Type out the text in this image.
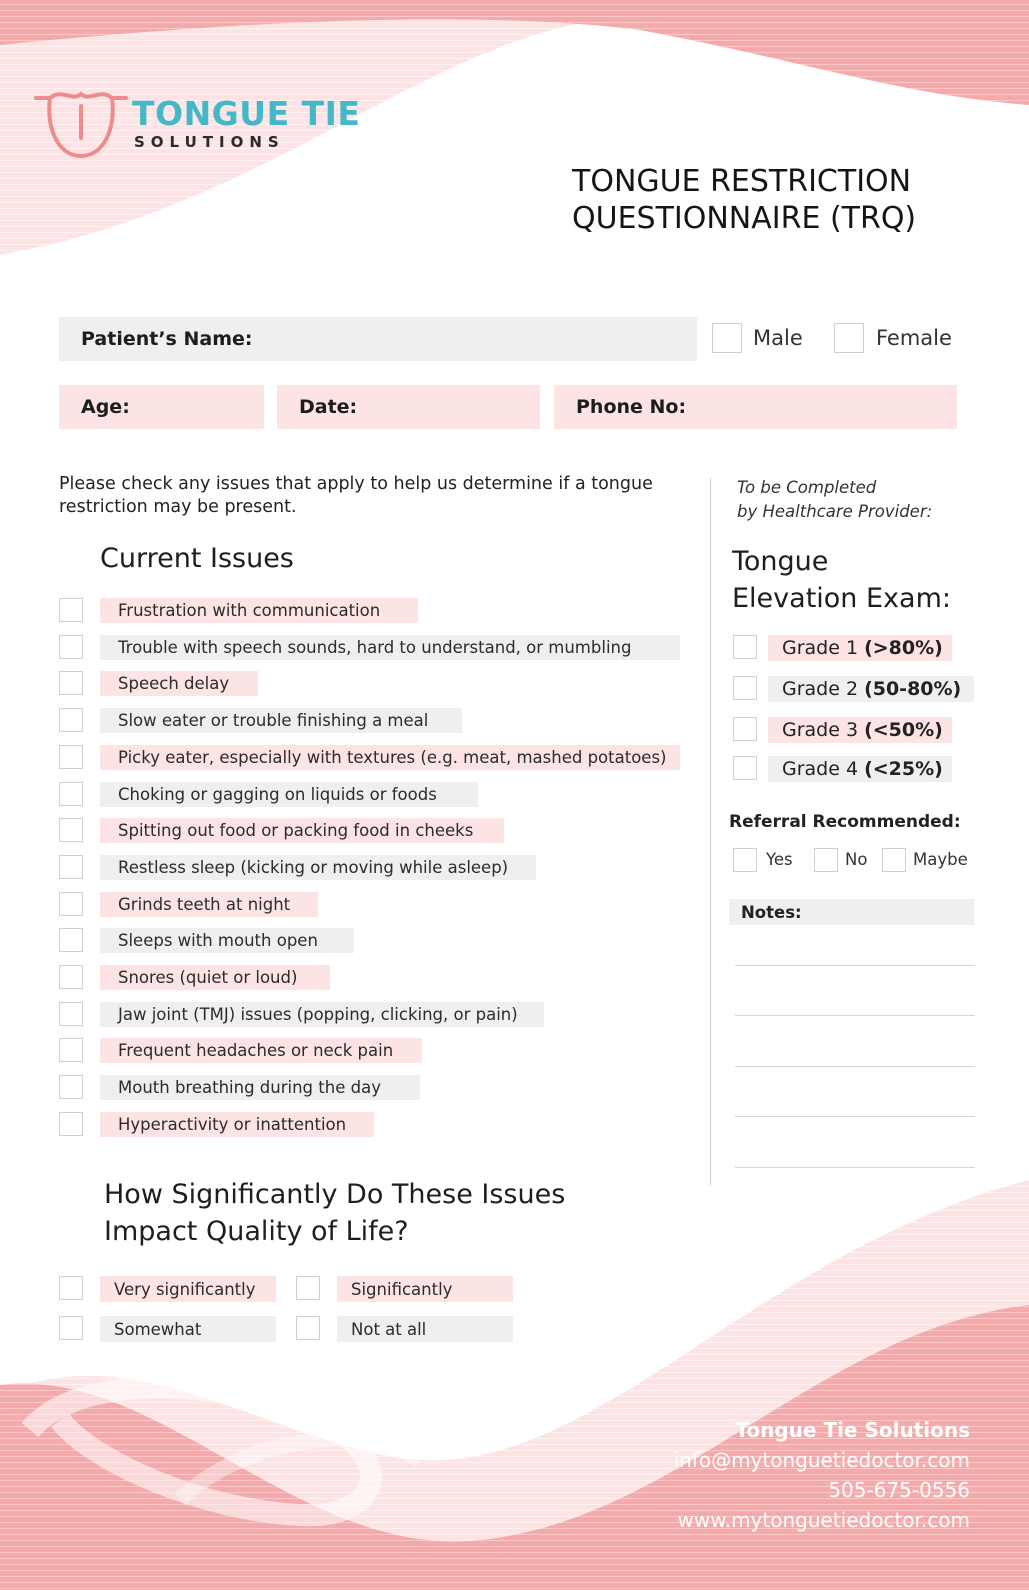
TONGUE TIE
SOLUTIONS
TONGUE RESTRICTION
QUESTIONNAIRE (TRQ)
Patient’s Name:	Male	Female
Age:	Date:	Phone No:
Please check any issues that apply to help us determine if a tongue restriction may be present.
Current Issues
Frustration with communication
Trouble with speech sounds, hard to understand, or mumbling
Speech delay
Slow eater or trouble finishing a meal
Picky eater, especially with textures (e.g. meat, mashed potatoes)
Choking or gagging on liquids or foods
Spitting out food or packing food in cheeks
Restless sleep (kicking or moving while asleep)
Grinds teeth at night
Sleeps with mouth open
Snores (quiet or loud)
Jaw joint (TMJ) issues (popping, clicking, or pain)
Frequent headaches or neck pain
Mouth breathing during the day
Hyperactivity or inattention
To be Completed
by Healthcare Provider:
Tongue
Elevation Exam:
Grade 1 (>80%)
Grade 2 (50-80%)
Grade 3 (<50%)
Grade 4 (<25%)
Referral Recommended:
Yes	No	Maybe
Notes:
How Significantly Do These Issues
Impact Quality of Life?
Very significantly	Significantly
Somewhat	Not at all
Tongue Tie Solutions
info@mytonguetiedoctor.com
505-675-0556
www.mytonguetiedoctor.com
